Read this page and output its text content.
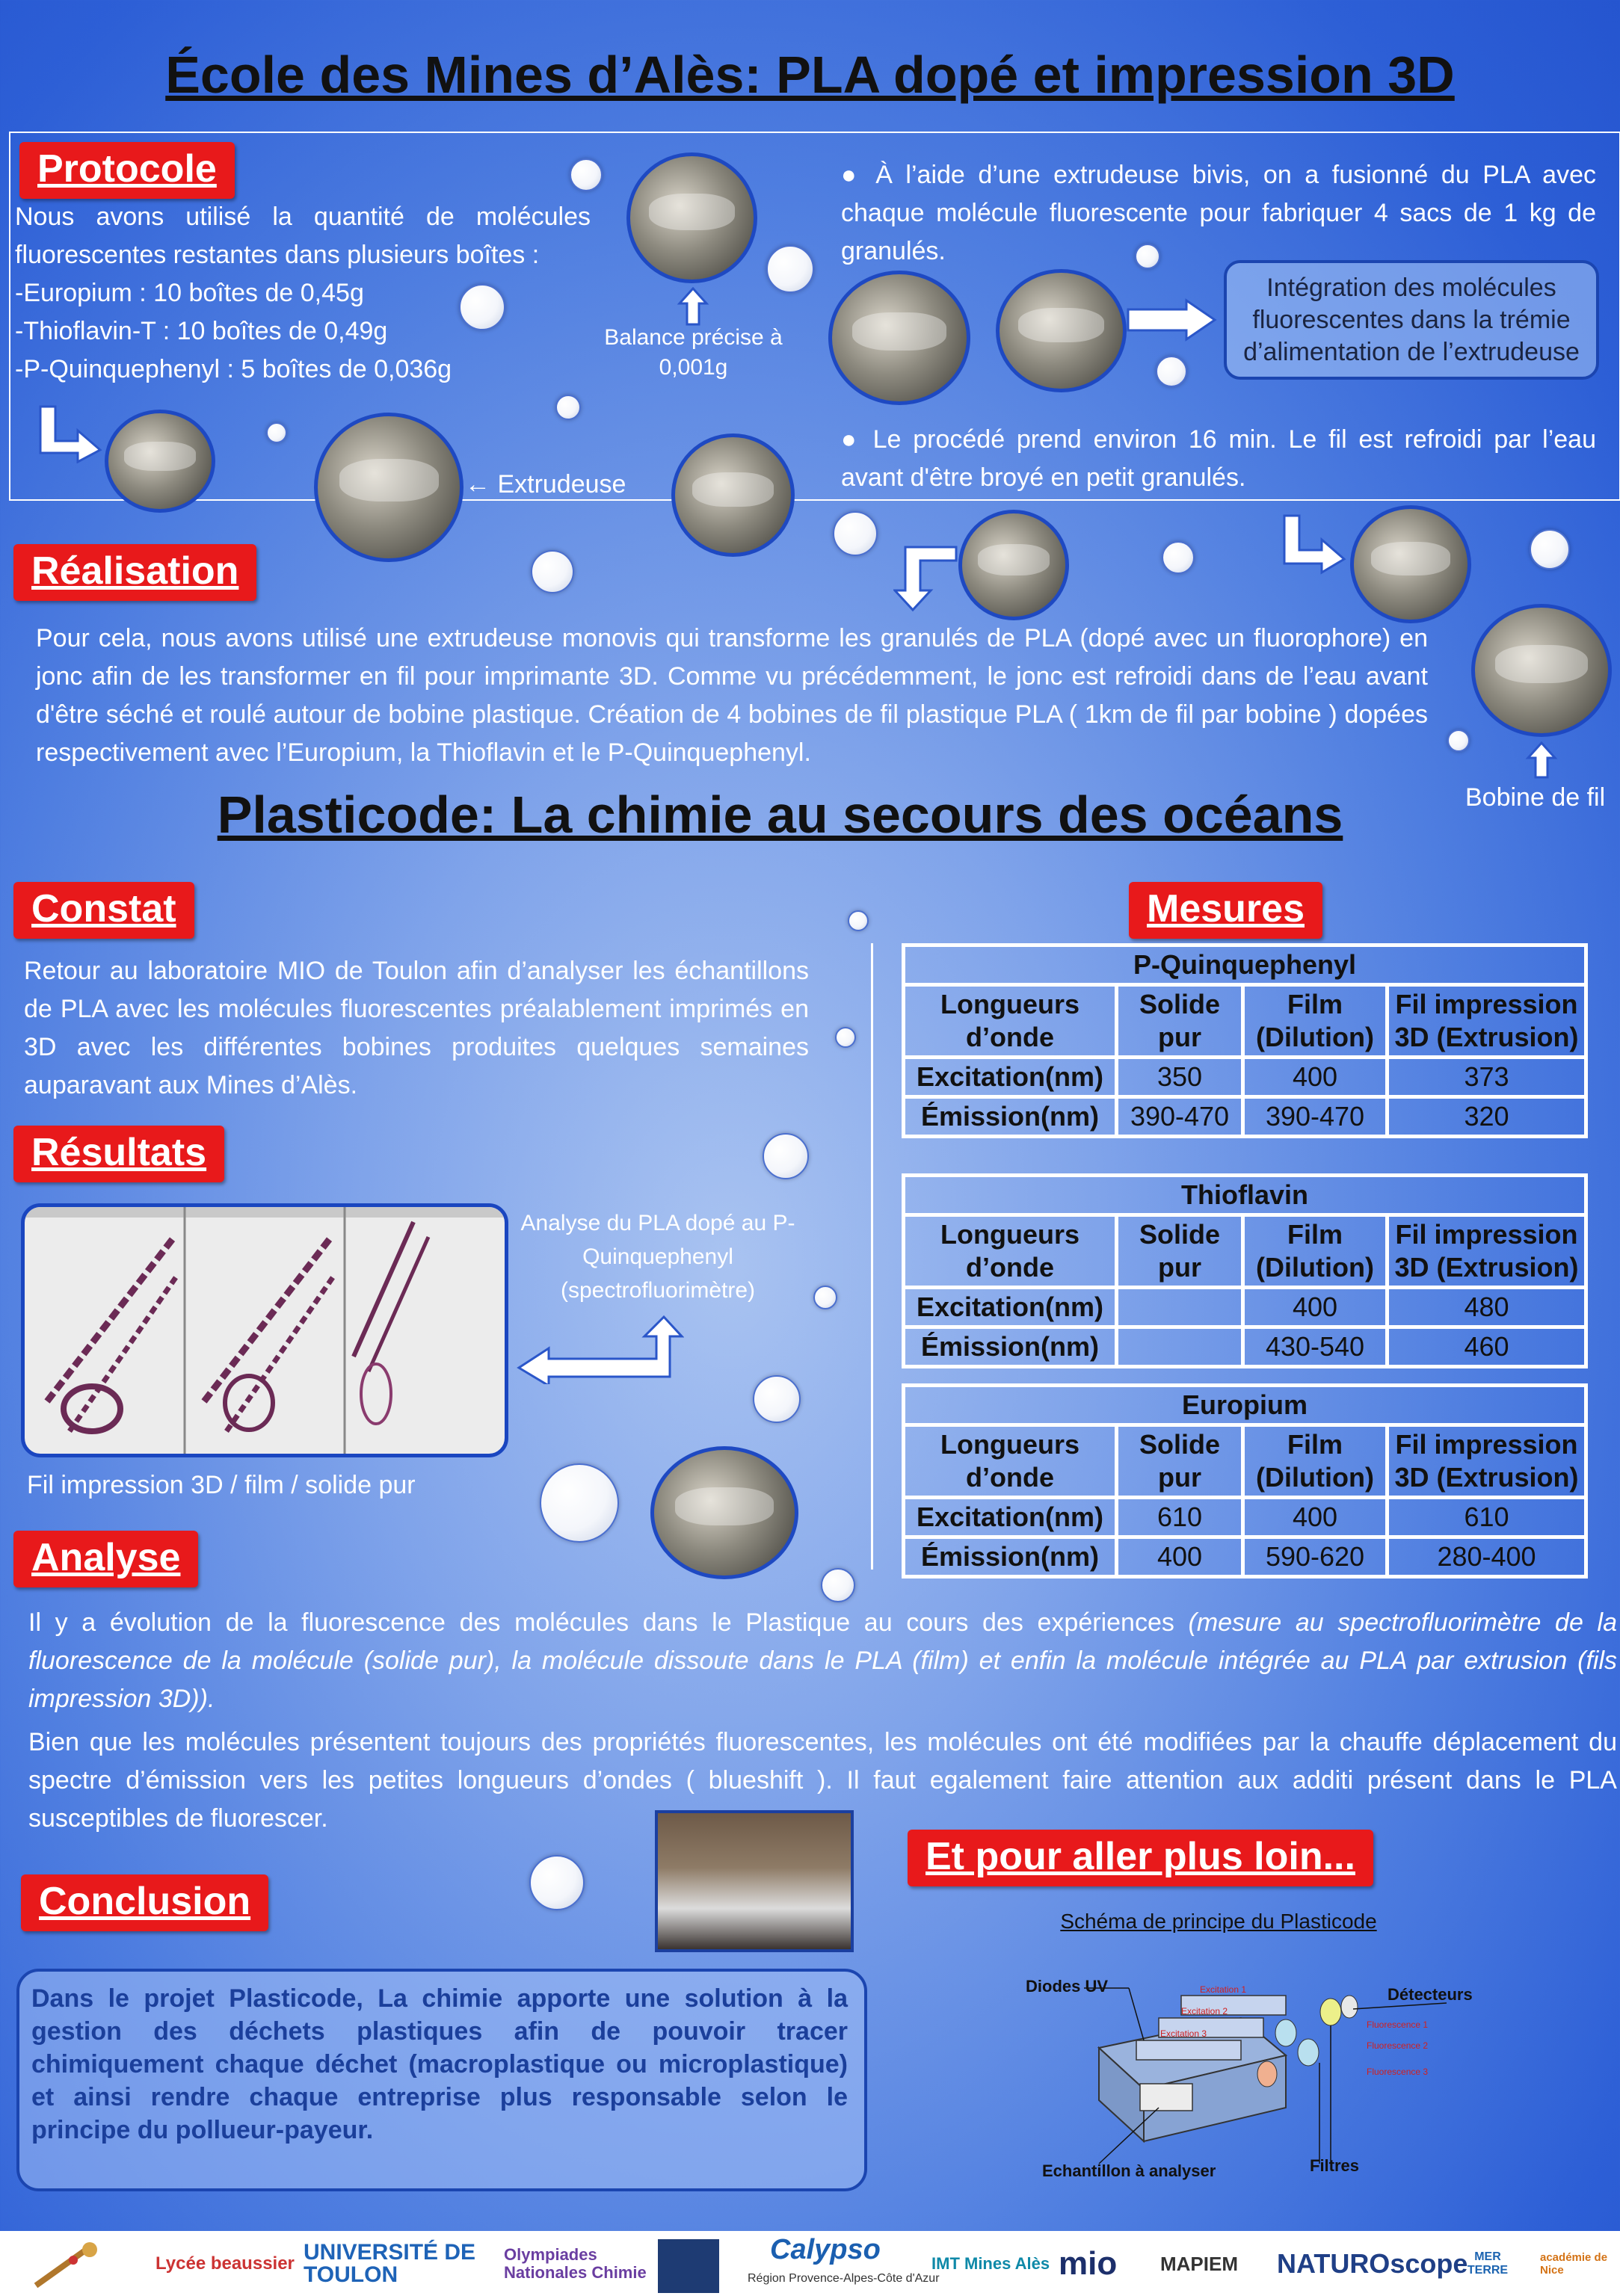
École des Mines d’Alès: PLA dopé et impression 3D
Plasticode: La chimie au secours des océans
Protocole
Nous avons utilisé la quantité de molécules fluorescentes restantes dans plusieurs boîtes :
-Europium : 10 boîtes de 0,45g
-Thioflavin-T : 10 boîtes de 0,49g
-P-Quinquephenyl : 5 boîtes de 0,036g
Balance précise à 0,001g
← Extrudeuse
● À l’aide d’une extrudeuse bivis, on a fusionné du PLA avec chaque molécule fluorescente pour fabriquer 4 sacs de 1 kg de granulés.
Intégration des molécules fluorescentes dans la trémie d’alimentation de l’extrudeuse
● Le procédé prend environ 16 min. Le fil est refroidi par l’eau avant d'être broyé en petit granulés.
Réalisation
Pour cela, nous avons utilisé une extrudeuse monovis qui transforme les granulés de PLA (dopé avec un fluorophore) en jonc afin de les transformer en fil pour imprimante 3D. Comme vu précédemment, le jonc est refroidi dans de l’eau avant d'être séché et roulé autour de bobine plastique. Création de 4 bobines de fil plastique PLA ( 1km de fil par bobine ) dopées respectivement avec l’Europium, la Thioflavin et le P-Quinquephenyl.
Bobine de fil
Constat
Retour au laboratoire MIO de Toulon afin d’analyser les échantillons de PLA avec les molécules fluorescentes préalablement imprimés en 3D avec les différentes bobines produites quelques semaines auparavant aux Mines d’Alès.
Résultats
Analyse du PLA dopé au P-Quinquephenyl (spectrofluorimètre)
Fil impression 3D / film / solide pur
Mesures
P-Quinquephenyl			
Longueurs d’onde	Solide pur	Film (Dilution)	Fil impression 3D (Extrusion)
Excitation(nm)	350	400	373
Émission(nm)	390-470	390-470	320
Thioflavin			
Longueurs d’onde	Solide pur	Film (Dilution)	Fil impression 3D (Extrusion)
Excitation(nm)		400	480
Émission(nm)		430-540	460
Europium			
Longueurs d’onde	Solide pur	Film (Dilution)	Fil impression 3D (Extrusion)
Excitation(nm)	610	400	610
Émission(nm)	400	590-620	280-400
Analyse
Il y a évolution de la fluorescence des molécules dans le Plastique au cours des expériences (mesure au spectrofluorimètre de la fluorescence de la molécule (solide pur), la molécule dissoute dans le PLA (film) et enfin la molécule intégrée au PLA par extrusion (fils impression 3D)).
Bien que les molécules présentent toujours des propriétés fluorescentes, les molécules ont été modifiées par la chauffe déplacement du spectre d’émission vers les petites longueurs d’ondes ( blueshift ). Il faut egalement faire attention aux additi présent dans le PLA susceptibles de fluorescer.
Conclusion
Dans le projet Plasticode, La chimie apporte une solution à la gestion des déchets plastiques afin de pouvoir tracer chimiquement chaque déchet (macroplastique ou microplastique) et ainsi rendre chaque entreprise plus responsable selon le principe du pollueur-payeur.
Et pour aller plus loin...
Schéma de principe du Plasticode
Diodes UV	Détecteurs
Echantillon à analyser	Filtres
Excitation 1
Excitation 2
Excitation 3
Fluorescence 1
Fluorescence 2
Fluorescence 3
Lycée beaussier UNIVERSITÉ DE TOULON
Olympiades Nationales Chimie
Calypso
Région Provence-Alpes-Côte d'Azur
IMT Mines Alès mio MAPIEM NATUROscope MER TERRE
académie de Nice
